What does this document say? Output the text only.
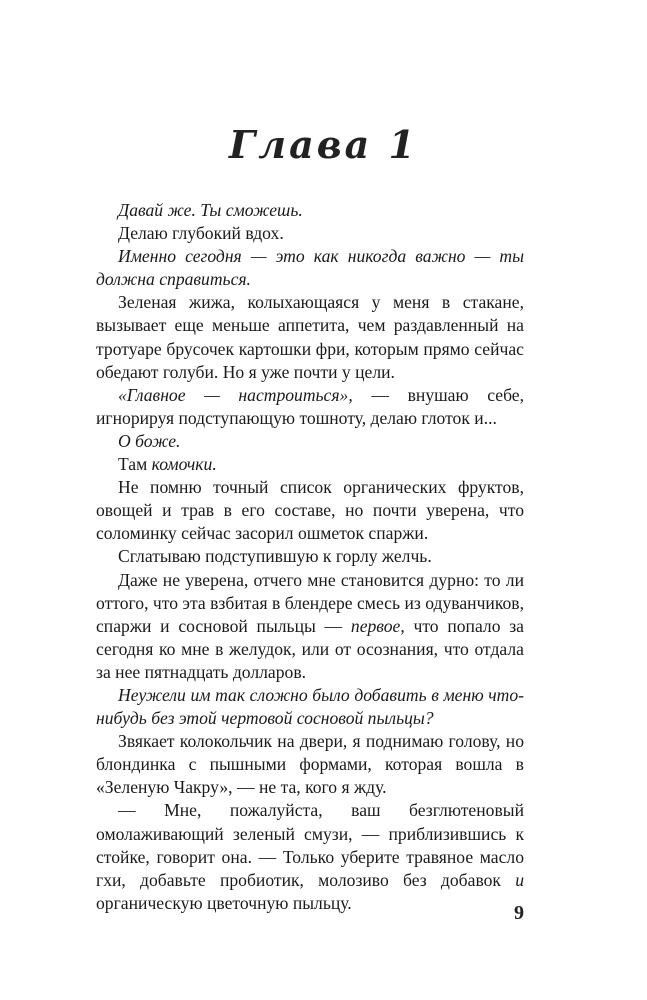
Глава 1

Давай же. Ты сможешь.

Делаю глубокий вдох.

Именно сегодня — это как никогда важно — ты должна справиться.

Зеленая жижа, колыхающаяся у меня в стакане, вызывает еще меньше аппетита, чем раздавленный на тротуаре брусочек картошки фри, которым прямо сейчас обедают голуби. Но я уже почти у цели.

«Главное — настроиться», — внушаю себе, игнорируя подступающую тошноту, делаю глоток и...

О боже.

Там комочки.

Не помню точный список органических фруктов, овощей и трав в его составе, но почти уверена, что соломинку сейчас засорил ошметок спаржи.

Сглатываю подступившую к горлу желчь.

Даже не уверена, отчего мне становится дурно: то ли оттого, что эта взбитая в блендере смесь из одуванчиков, спаржи и сосновой пыльцы — первое, что попало за сегодня ко мне в желудок, или от осознания, что отдала за нее пятнадцать долларов.

Неужели им так сложно было добавить в меню что-нибудь без этой чертовой сосновой пыльцы?

Звякает колокольчик на двери, я поднимаю голову, но блондинка с пышными формами, которая вошла в «Зеленую Чакру», — не та, кого я жду.

— Мне, пожалуйста, ваш безглютеновый омолаживающий зеленый смузи, — приблизившись к стойке, говорит она. — Только уберите травяное масло гхи, добавьте пробиотик, молозиво без добавок и органическую цветочную пыльцу.	9
